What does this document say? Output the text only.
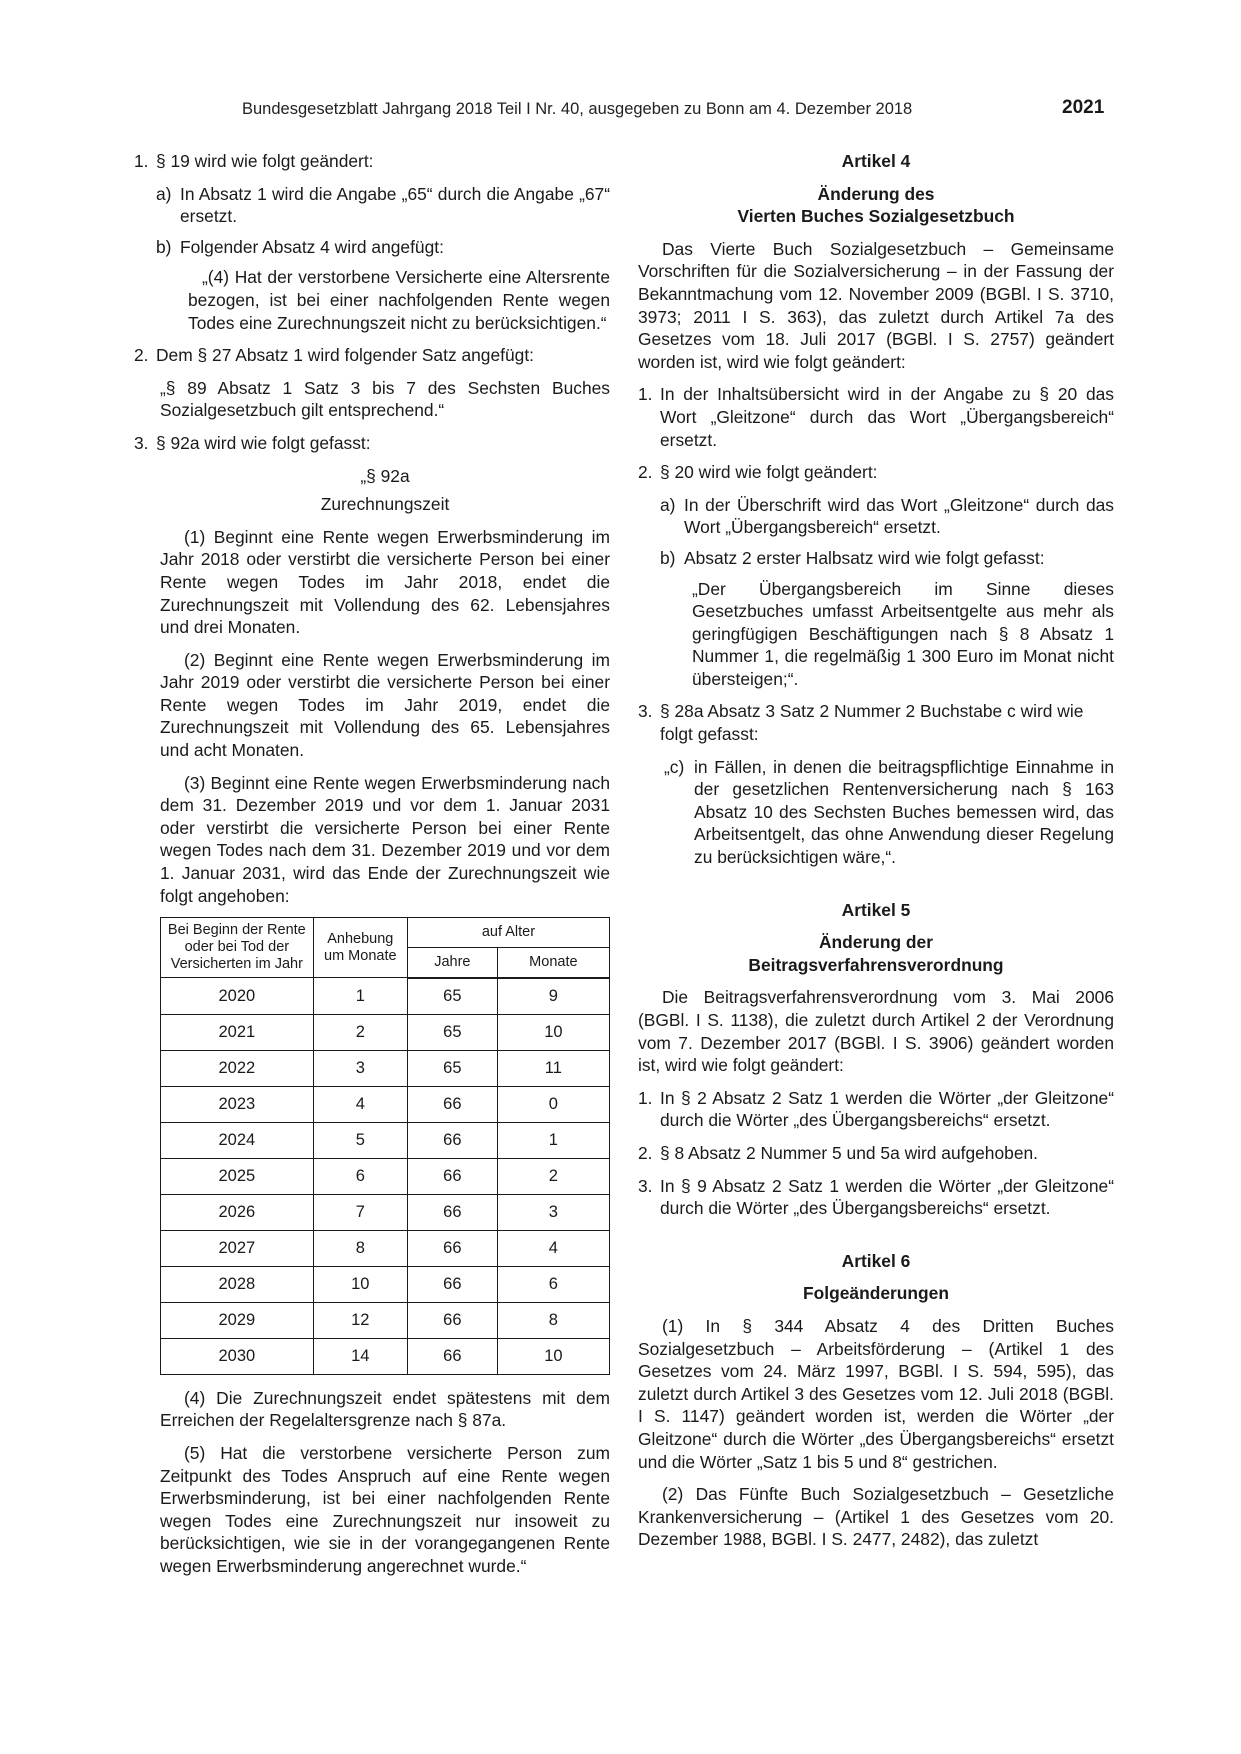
Bundesgesetzblatt Jahrgang 2018 Teil I Nr. 40, ausgegeben zu Bonn am 4. Dezember 2018	2021
1. § 19 wird wie folgt geändert:
a) In Absatz 1 wird die Angabe „65“ durch die Angabe „67“ ersetzt.
b) Folgender Absatz 4 wird angefügt:

„(4) Hat der verstorbene Versicherte eine Altersrente bezogen, ist bei einer nachfolgenden Rente wegen Todes eine Zurechnungszeit nicht zu berücksichtigen.“

2. Dem § 27 Absatz 1 wird folgender Satz angefügt:

„§ 89 Absatz 1 Satz 3 bis 7 des Sechsten Buches Sozialgesetzbuch gilt entsprechend.“

3. § 92a wird wie folgt gefasst:

„§ 92a

Zurechnungszeit

(1) Beginnt eine Rente wegen Erwerbsminderung im Jahr 2018 oder verstirbt die versicherte Person bei einer Rente wegen Todes im Jahr 2018, endet die Zurechnungszeit mit Vollendung des 62. Lebensjahres und drei Monaten.

(2) Beginnt eine Rente wegen Erwerbsminderung im Jahr 2019 oder verstirbt die versicherte Person bei einer Rente wegen Todes im Jahr 2019, endet die Zurechnungszeit mit Vollendung des 65. Lebensjahres und acht Monaten.

(3) Beginnt eine Rente wegen Erwerbsminderung nach dem 31. Dezember 2019 und vor dem 1. Januar 2031 oder verstirbt die versicherte Person bei einer Rente wegen Todes nach dem 31. Dezember 2019 und vor dem 1. Januar 2031, wird das Ende der Zurechnungszeit wie folgt angehoben:

Bei Beginn der Rente oder bei Tod der Versicherten im Jahr	Anhebung um Monate	auf Alter	
		Jahre	Monate
2020	1	65	9
2021	2	65	10
2022	3	65	11
2023	4	66	0
2024	5	66	1
2025	6	66	2
2026	7	66	3
2027	8	66	4
2028	10	66	6
2029	12	66	8
2030	14	66	10

(4) Die Zurechnungszeit endet spätestens mit dem Erreichen der Regelaltersgrenze nach § 87a.

(5) Hat die verstorbene versicherte Person zum Zeitpunkt des Todes Anspruch auf eine Rente wegen Erwerbsminderung, ist bei einer nachfolgenden Rente wegen Todes eine Zurechnungszeit nur insoweit zu berücksichtigen, wie sie in der vorangegangenen Rente wegen Erwerbsminderung angerechnet wurde.“

Artikel 4

Änderung des

Vierten Buches Sozialgesetzbuch

Das Vierte Buch Sozialgesetzbuch – Gemeinsame Vorschriften für die Sozialversicherung – in der Fassung der Bekanntmachung vom 12. November 2009 (BGBl. I S. 3710, 3973; 2011 I S. 363), das zuletzt durch Artikel 7a des Gesetzes vom 18. Juli 2017 (BGBl. I S. 2757) geändert worden ist, wird wie folgt geändert:

1. In der Inhaltsübersicht wird in der Angabe zu § 20 das Wort „Gleitzone“ durch das Wort „Übergangsbereich“ ersetzt.
2. § 20 wird wie folgt geändert:
a) In der Überschrift wird das Wort „Gleitzone“ durch das Wort „Übergangsbereich“ ersetzt.
b) Absatz 2 erster Halbsatz wird wie folgt gefasst:

„Der Übergangsbereich im Sinne dieses Gesetzbuches umfasst Arbeitsentgelte aus mehr als geringfügigen Beschäftigungen nach § 8 Absatz 1 Nummer 1, die regelmäßig 1 300 Euro im Monat nicht übersteigen;“.

3. § 28a Absatz 3 Satz 2 Nummer 2 Buchstabe c wird wie folgt gefasst:
„c) in Fällen, in denen die beitragspflichtige Einnahme in der gesetzlichen Rentenversicherung nach § 163 Absatz 10 des Sechsten Buches bemessen wird, das Arbeitsentgelt, das ohne Anwendung dieser Regelung zu berücksichtigen wäre,“.

Artikel 5

Änderung der

Beitragsverfahrensverordnung

Die Beitragsverfahrensverordnung vom 3. Mai 2006 (BGBl. I S. 1138), die zuletzt durch Artikel 2 der Verordnung vom 7. Dezember 2017 (BGBl. I S. 3906) geändert worden ist, wird wie folgt geändert:

1. In § 2 Absatz 2 Satz 1 werden die Wörter „der Gleitzone“ durch die Wörter „des Übergangsbereichs“ ersetzt.
2. § 8 Absatz 2 Nummer 5 und 5a wird aufgehoben.
3. In § 9 Absatz 2 Satz 1 werden die Wörter „der Gleitzone“ durch die Wörter „des Übergangsbereichs“ ersetzt.

Artikel 6

Folgeänderungen

(1) In § 344 Absatz 4 des Dritten Buches Sozialgesetzbuch – Arbeitsförderung – (Artikel 1 des Gesetzes vom 24. März 1997, BGBl. I S. 594, 595), das zuletzt durch Artikel 3 des Gesetzes vom 12. Juli 2018 (BGBl. I S. 1147) geändert worden ist, werden die Wörter „der Gleitzone“ durch die Wörter „des Übergangsbereichs“ ersetzt und die Wörter „Satz 1 bis 5 und 8“ gestrichen.

(2) Das Fünfte Buch Sozialgesetzbuch – Gesetzliche Krankenversicherung – (Artikel 1 des Gesetzes vom 20. Dezember 1988, BGBl. I S. 2477, 2482), das zuletzt
